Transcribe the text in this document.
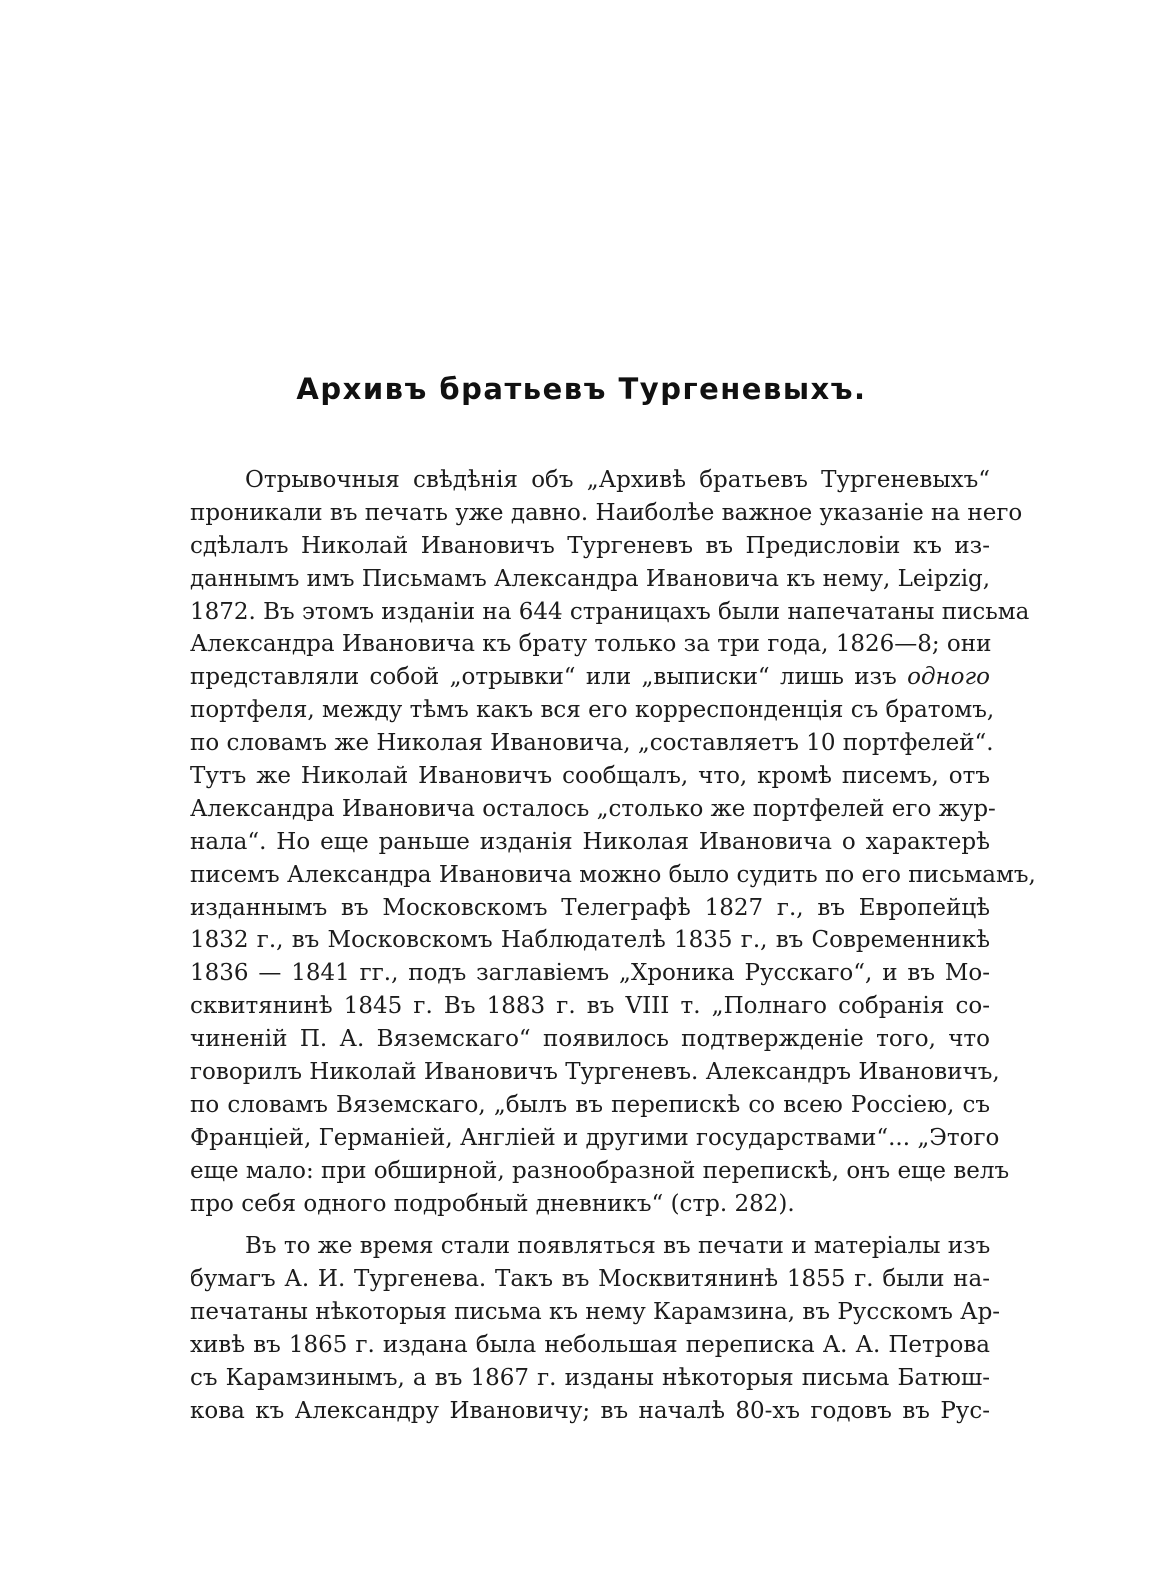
Архивъ братьевъ Тургеневыхъ.
Отрывочныя свѣдѣнія объ „Архивѣ братьевъ Тургеневыхъ“
проникали въ печать уже давно. Наиболѣе важное указаніе на него
сдѣлалъ Николай Ивановичъ Тургеневъ въ Предисловіи къ из-
даннымъ имъ Письмамъ Александра Ивановича къ нему, Leipzig,
1872. Въ этомъ изданіи на 644 страницахъ были напечатаны письма
Александра Ивановича къ брату только за три года, 1826—8; они
представляли собой „отрывки“ или „выписки“ лишь изъ одного
портфеля, между тѣмъ какъ вся его корреспонденція съ братомъ,
по словамъ же Николая Ивановича, „составляетъ 10 портфелей“.
Тутъ же Николай Ивановичъ сообщалъ, что, кромѣ писемъ, отъ
Александра Ивановича осталось „столько же портфелей его жур-
нала“. Но еще раньше изданія Николая Ивановича о характерѣ
писемъ Александра Ивановича можно было судить по его письмамъ,
изданнымъ въ Московскомъ Телеграфѣ 1827 г., въ Европейцѣ
1832 г., въ Московскомъ Наблюдателѣ 1835 г., въ Современникѣ
1836 — 1841 гг., подъ заглавіемъ „Хроника Русскаго“, и въ Мо-
сквитянинѣ 1845 г. Въ 1883 г. въ VIII т. „Полнаго собранія со-
чиненій П. А. Вяземскаго“ появилось подтвержденіе того, что
говорилъ Николай Ивановичъ Тургеневъ. Александръ Ивановичъ,
по словамъ Вяземскаго, „былъ въ перепискѣ со всею Россіею, съ
Франціей, Германіей, Англіей и другими государствами“... „Этого
еще мало: при обширной, разнообразной перепискѣ, онъ еще велъ
про себя одного подробный дневникъ“ (стр. 282).
Въ то же время стали появляться въ печати и матеріалы изъ
бумагъ А. И. Тургенева. Такъ въ Москвитянинѣ 1855 г. были на-
печатаны нѣкоторыя письма къ нему Карамзина, въ Русскомъ Ар-
хивѣ въ 1865 г. издана была небольшая переписка А. А. Петрова
съ Карамзинымъ, а въ 1867 г. изданы нѣкоторыя письма Батюш-
кова къ Александру Ивановичу; въ началѣ 80-хъ годовъ въ Рус-
